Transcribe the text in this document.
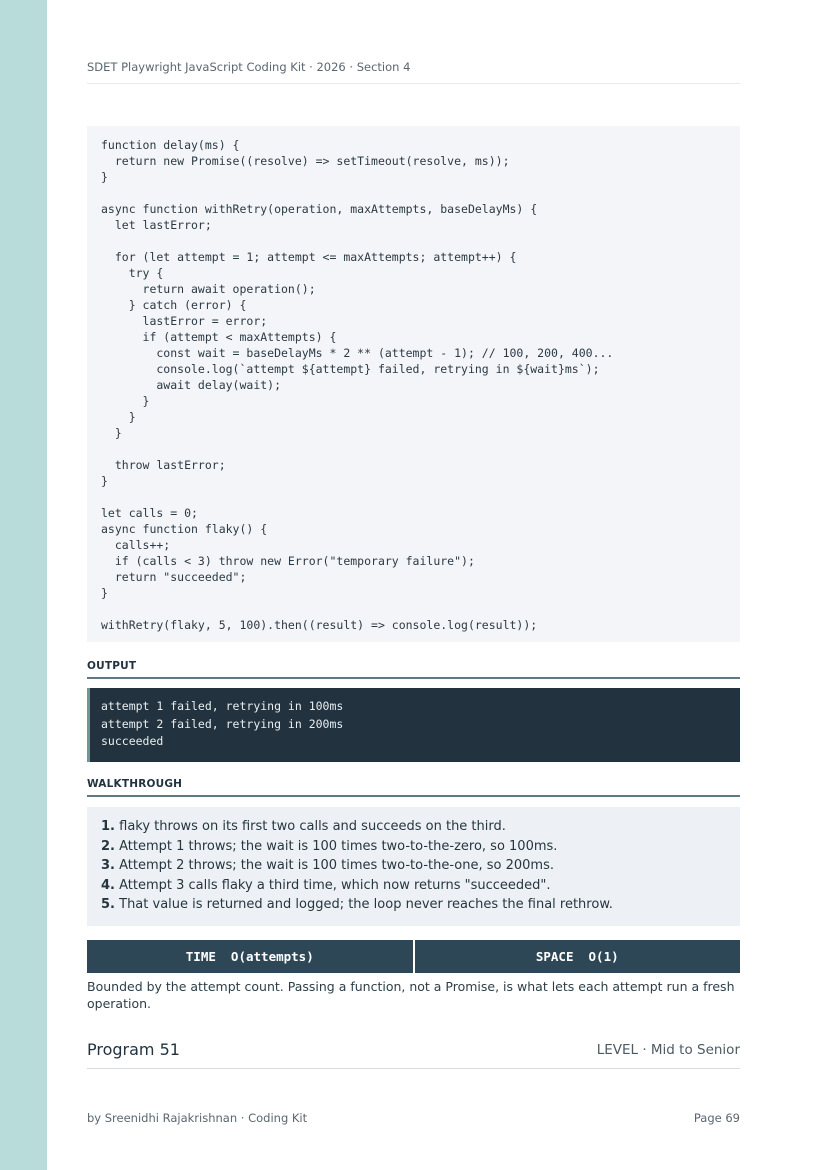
SDET Playwright JavaScript Coding Kit · 2026 · Section 4
function delay(ms) {
return new Promise((resolve) => setTimeout(resolve, ms));
}

async function withRetry(operation, maxAttempts, baseDelayMs) {
let lastError;

for (let attempt = 1; attempt <= maxAttempts; attempt++) {
try {
return await operation();
} catch (error) {
lastError = error;
if (attempt < maxAttempts) {
const wait = baseDelayMs * 2 ** (attempt - 1); // 100, 200, 400...
console.log(`attempt ${attempt} failed, retrying in ${wait}ms`);
await delay(wait);
}
}
}

throw lastError;
}

let calls = 0;
async function flaky() {
calls++;
if (calls < 3) throw new Error("temporary failure");
return "succeeded";
}

withRetry(flaky, 5, 100).then((result) => console.log(result));
OUTPUT
attempt 1 failed, retrying in 100ms
attempt 2 failed, retrying in 200ms
succeeded
WALKTHROUGH
1. flaky throws on its first two calls and succeeds on the third.
2. Attempt 1 throws; the wait is 100 times two-to-the-zero, so 100ms.
3. Attempt 2 throws; the wait is 100 times two-to-the-one, so 200ms.
4. Attempt 3 calls flaky a third time, which now returns "succeeded".
5. That value is returned and logged; the loop never reaches the final rethrow.
TIME  O(attempts)	SPACE  O(1)
Bounded by the attempt count. Passing a function, not a Promise, is what lets each attempt run a fresh operation.
Program 51	LEVEL · Mid to Senior
by Sreenidhi Rajakrishnan · Coding Kit	Page 69
